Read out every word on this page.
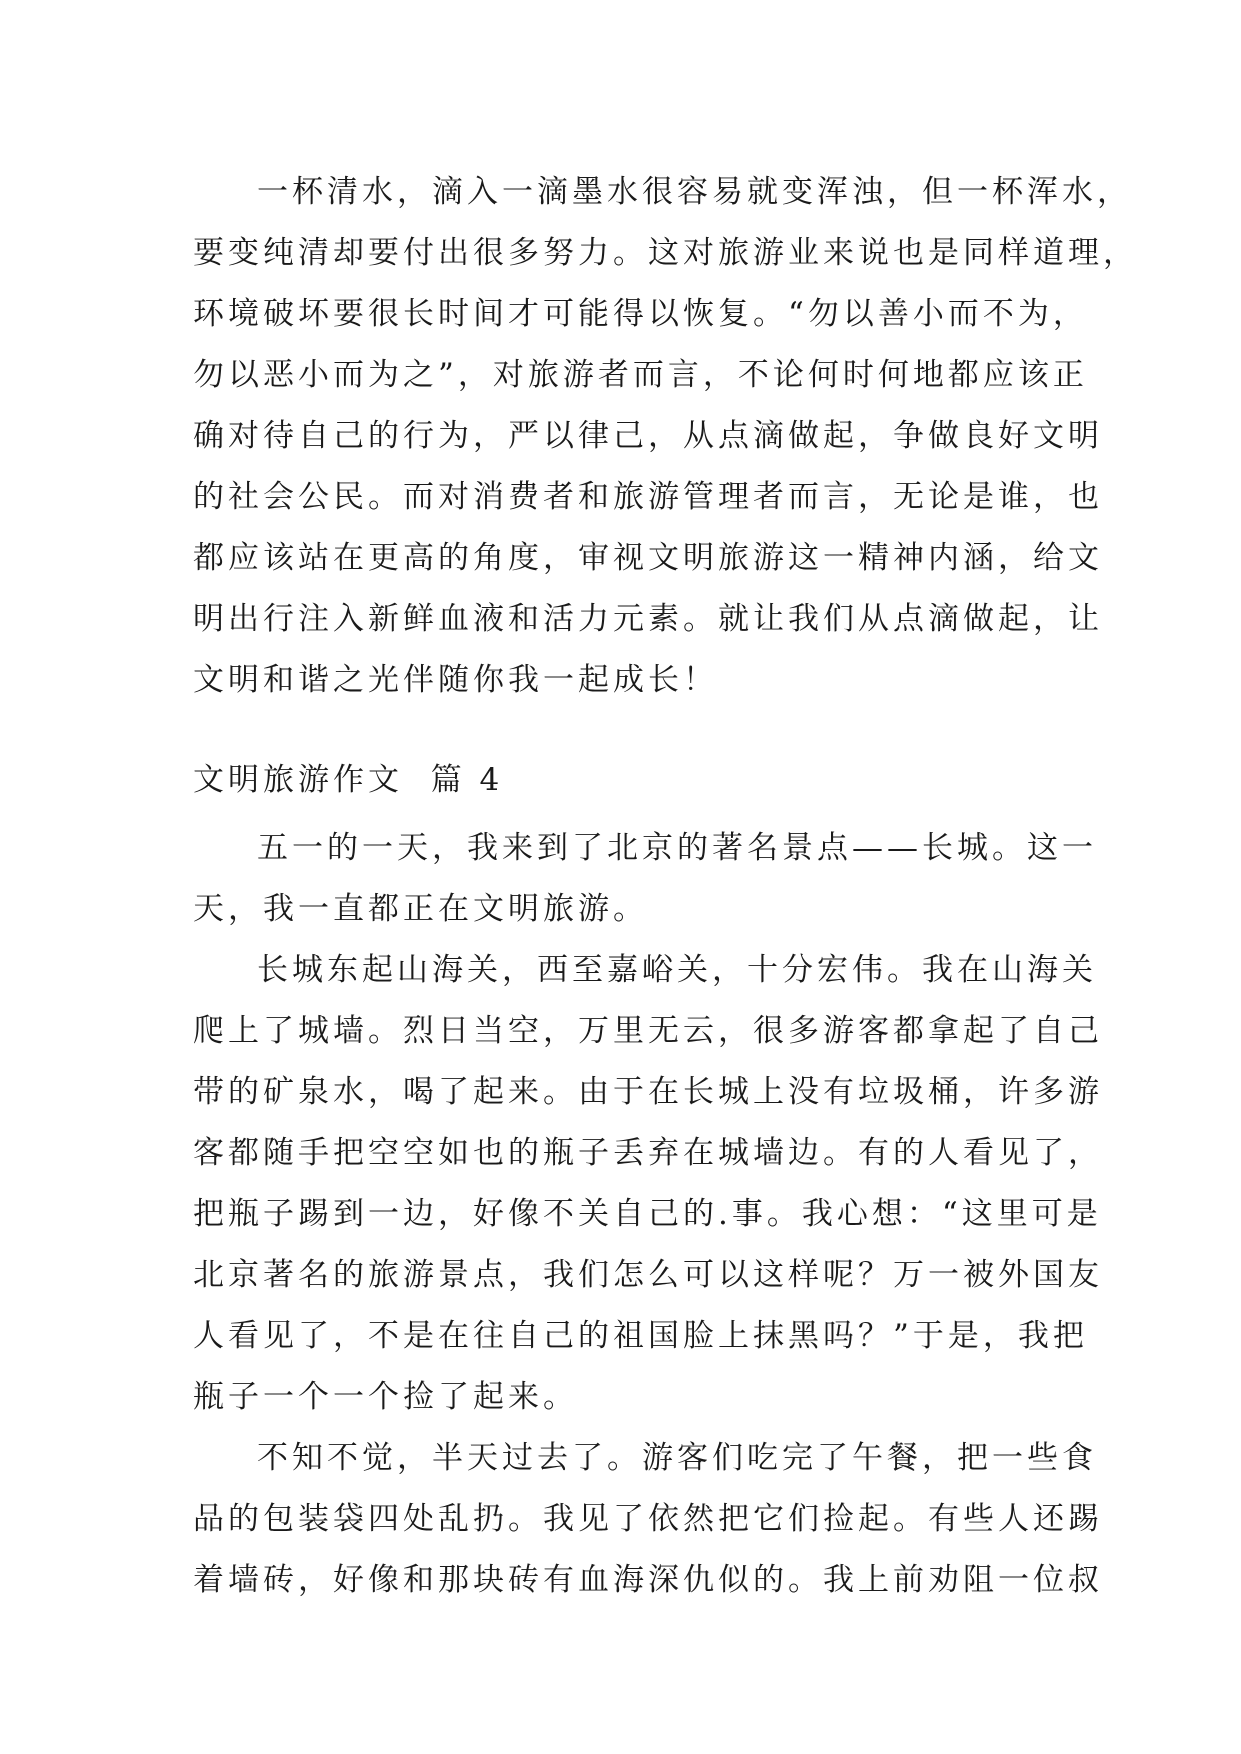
一杯清水，滴入一滴墨水很容易就变浑浊，但一杯浑水，
要变纯清却要付出很多努力。这对旅游业来说也是同样道理，
环境破坏要很长时间才可能得以恢复。“勿以善小而不为，
勿以恶小而为之”，对旅游者而言，不论何时何地都应该正
确对待自己的行为，严以律己，从点滴做起，争做良好文明
的社会公民。而对消费者和旅游管理者而言，无论是谁，也
都应该站在更高的角度，审视文明旅游这一精神内涵，给文
明出行注入新鲜血液和活力元素。就让我们从点滴做起，让
文明和谐之光伴随你我一起成长！
文明旅游作文  篇 4
五一的一天，我来到了北京的著名景点——长城。这一
天，我一直都正在文明旅游。
长城东起山海关，西至嘉峪关，十分宏伟。我在山海关
爬上了城墙。烈日当空，万里无云，很多游客都拿起了自己
带的矿泉水，喝了起来。由于在长城上没有垃圾桶，许多游
客都随手把空空如也的瓶子丢弃在城墙边。有的人看见了，
把瓶子踢到一边，好像不关自己的.事。我心想：“这里可是
北京著名的旅游景点，我们怎么可以这样呢？万一被外国友
人看见了，不是在往自己的祖国脸上抹黑吗？”于是，我把
瓶子一个一个捡了起来。
不知不觉，半天过去了。游客们吃完了午餐，把一些食
品的包装袋四处乱扔。我见了依然把它们捡起。有些人还踢
着墙砖，好像和那块砖有血海深仇似的。我上前劝阻一位叔
